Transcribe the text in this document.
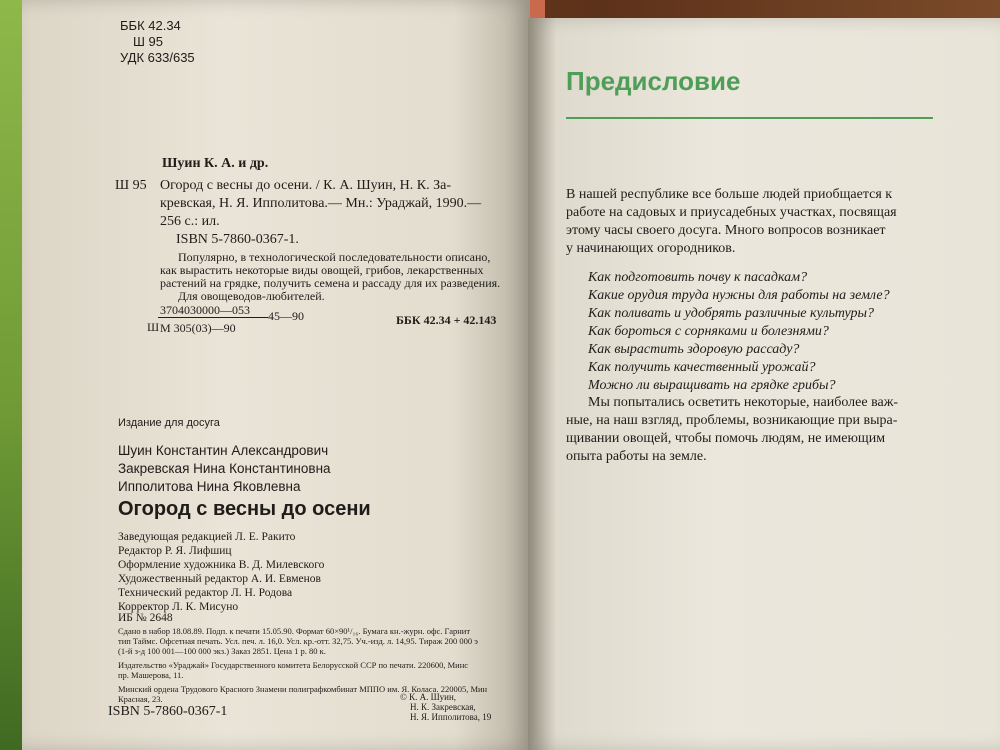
ББК 42.34
Ш 95
УДК 633/635
Шуин К. А. и др.
Ш 95 Огород с весны до осени. / К. А. Шуин, Н. К. За-
кревская, Н. Я. Ипполитова.— Мн.: Ураджай, 1990.—
256 с.: ил.
ISBN 5-7860-0367-1.
Популярно, в технологической последовательности описано,
как вырастить некоторые виды овощей, грибов, лекарственных
растений на грядке, получить семена и рассаду для их разведения.
Для овощеводов-любителей.
3704030000—053
Ш
45—90
М 305(03)—90
ББК 42.34 + 42.143
Издание для досуга
Шуин Константин Александрович
Закревская Нина Константиновна
Ипполитова Нина Яковлевна
Огород с весны до осени
Заведующая редакцией Л. Е. Ракито
Редактор Р. Я. Лифшиц
Оформление художника В. Д. Милевского
Художественный редактор А. И. Евменов
Технический редактор Л. Н. Родова
Корректор Л. К. Мисуно
ИБ № 2648
Сдано в набор 18.08.89. Подп. к печати 15.05.90. Формат 60×90¹/₁₆. Бумага кн.-журн. офс. Гарнит
тип Таймс. Офсетная печать. Усл. печ. л. 16,0. Усл. кр.-отт. 32,75. Уч.-изд. л. 14,95. Тираж 200 000 э
(1-й з-д 100 001—100 000 экз.) Заказ 2851. Цена 1 р. 80 к.
Издательство «Ураджай» Государственного комитета Белорусской ССР по печати. 220600, Минс
пр. Машерова, 11.
Минский ордена Трудового Красного Знамени полиграфкомбинат МППО им. Я. Коласа. 220005, Мин
Красная, 23.
ISBN 5-7860-0367-1
© К. А. Шуин,
Н. К. Закревская,
Н. Я. Ипполитова, 19
Предисловие
В нашей республике все больше людей приобщается к
работе на садовых и приусадебных участках, посвящая
этому часы своего досуга. Много вопросов возникает
у начинающих огородников.
Как подготовить почву к пасадкам?
Какие орудия труда нужны для работы на земле?
Как поливать и удобрять различные культуры?
Как бороться с сорняками и болезнями?
Как вырастить здоровую рассаду?
Как получить качественный урожай?
Можно ли выращивать на грядке грибы?
Мы попытались осветить некоторые, наиболее важ-
ные, на наш взгляд, проблемы, возникающие при выра-
щивании овощей, чтобы помочь людям, не имеющим
опыта работы на земле.
